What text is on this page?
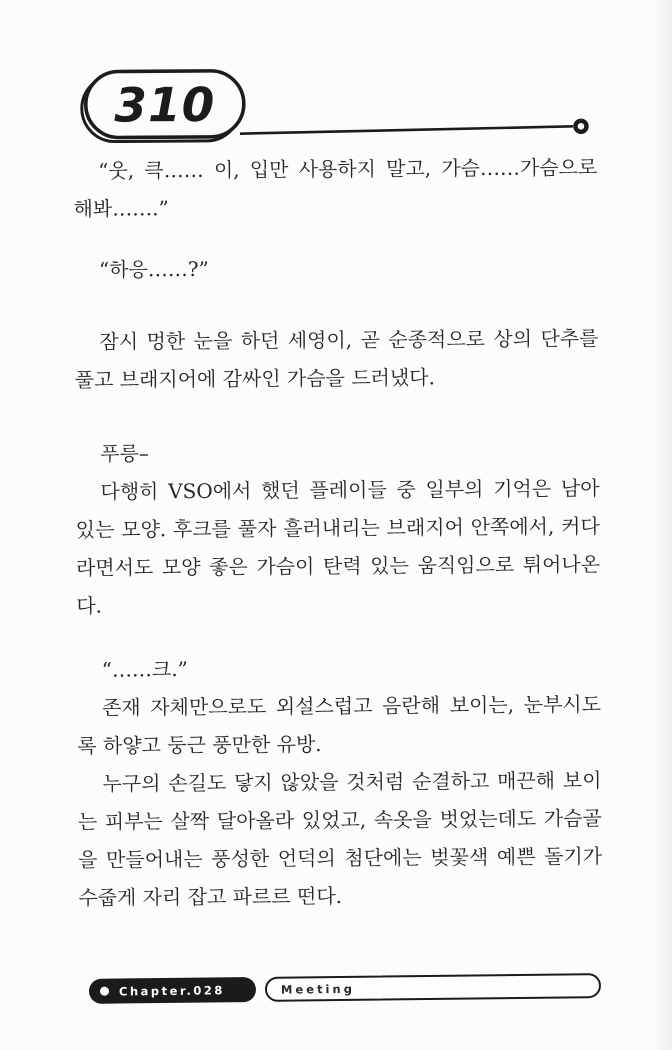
310

“웃, 큭…… 이, 입만 사용하지 말고, 가슴……가슴으로 해봐…….”

“하응……?”

잠시 멍한 눈을 하던 세영이, 곧 순종적으로 상의 단추를 풀고 브래지어에 감싸인 가슴을 드러냈다.

푸릉–

다행히 VSO에서 했던 플레이들 중 일부의 기억은 남아 있는 모양. 후크를 풀자 흘러내리는 브래지어 안쪽에서, 커다라면서도 모양 좋은 가슴이 탄력 있는 움직임으로 튀어나온다.

“……크.”

존재 자체만으로도 외설스럽고 음란해 보이는, 눈부시도록 하얗고 둥근 풍만한 유방.

누구의 손길도 닿지 않았을 것처럼 순결하고 매끈해 보이는 피부는 살짝 달아올라 있었고, 속옷을 벗었는데도 가슴골을 만들어내는 풍성한 언덕의 첨단에는 벚꽃색 예쁜 돌기가 수줍게 자리 잡고 파르르 떤다.

Chapter.028	Meeting
